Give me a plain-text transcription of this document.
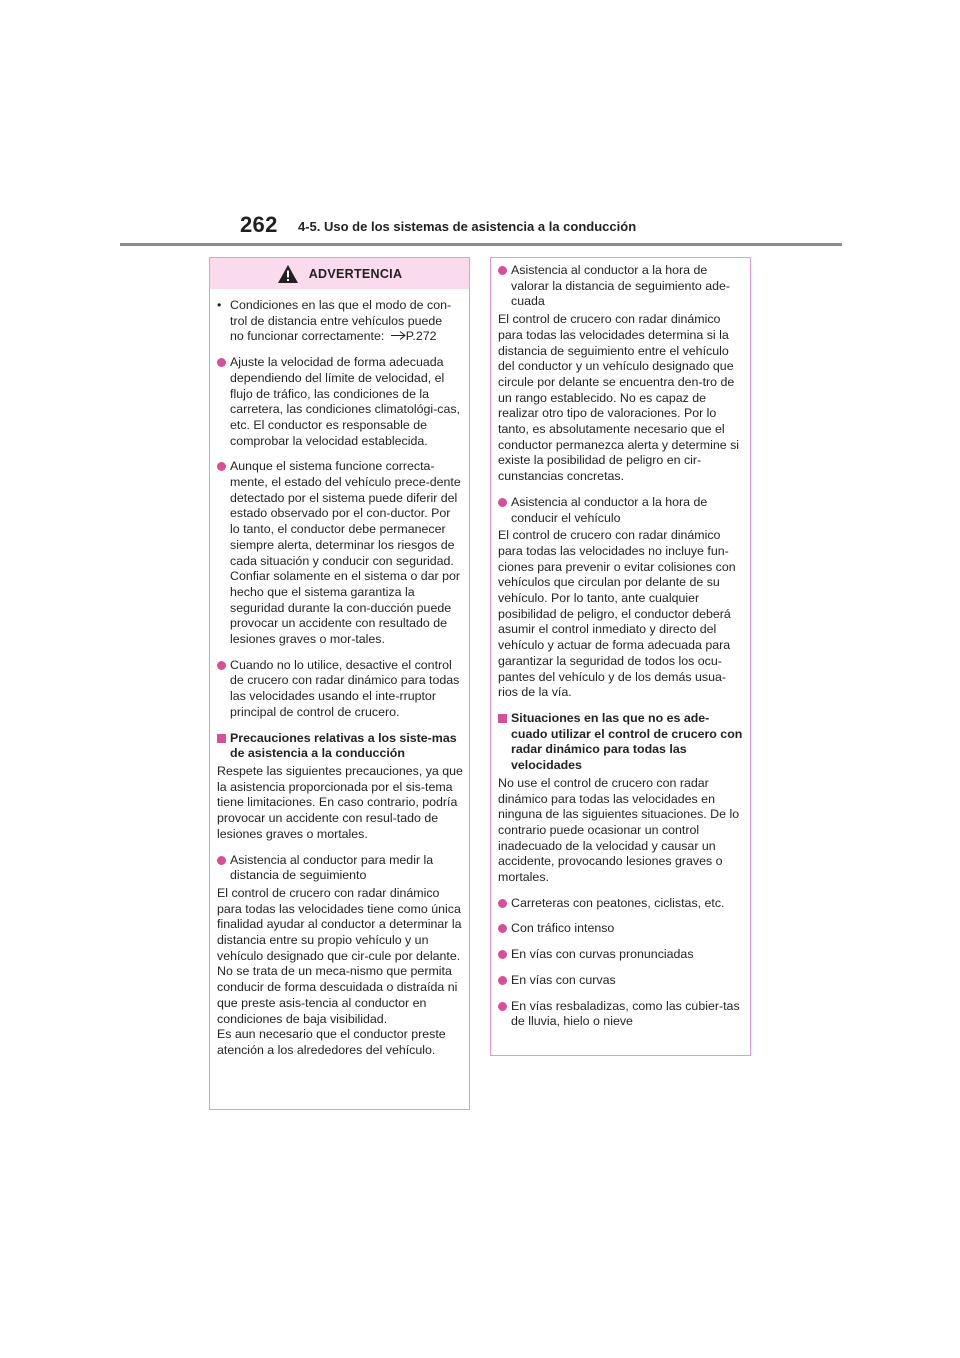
262 4-5. Uso de los sistemas de asistencia a la conducción
ADVERTENCIA
• Condiciones en las que el modo de con-
trol de distancia entre vehículos puede
no funcionar correctamente: P.272
Ajuste la velocidad de forma adecuada dependiendo del límite de velocidad, el flujo de tráfico, las condiciones de la carretera, las condiciones climatológi-cas, etc. El conductor es responsable de comprobar la velocidad establecida.
Aunque el sistema funcione correcta-mente, el estado del vehículo prece-dente detectado por el sistema puede diferir del estado observado por el con-ductor. Por lo tanto, el conductor debe permanecer siempre alerta, determinar los riesgos de cada situación y conducir con seguridad. Confiar solamente en el sistema o dar por hecho que el sistema garantiza la seguridad durante la con-ducción puede provocar un accidente con resultado de lesiones graves o mor-tales.
Cuando no lo utilice, desactive el control de crucero con radar dinámico para todas las velocidades usando el inte-rruptor principal de control de crucero.
Precauciones relativas a los siste-mas de asistencia a la conducción
Respete las siguientes precauciones, ya que la asistencia proporcionada por el sis-tema tiene limitaciones. En caso contrario, podría provocar un accidente con resul-tado de lesiones graves o mortales.
Asistencia al conductor para medir la distancia de seguimiento
El control de crucero con radar dinámico para todas las velocidades tiene como única finalidad ayudar al conductor a determinar la distancia entre su propio vehículo y un vehículo designado que cir-cule por delante. No se trata de un meca-nismo que permita conducir de forma descuidada o distraída ni que preste asis-tencia al conductor en condiciones de baja visibilidad.
Es aun necesario que el conductor preste atención a los alrededores del vehículo.
Asistencia al conductor a la hora de valorar la distancia de seguimiento ade-cuada
El control de crucero con radar dinámico para todas las velocidades determina si la distancia de seguimiento entre el vehículo del conductor y un vehículo designado que circule por delante se encuentra den-tro de un rango establecido. No es capaz de realizar otro tipo de valoraciones. Por lo tanto, es absolutamente necesario que el conductor permanezca alerta y determine si existe la posibilidad de peligro en cir-cunstancias concretas.
Asistencia al conductor a la hora de conducir el vehículo
El control de crucero con radar dinámico para todas las velocidades no incluye fun-ciones para prevenir o evitar colisiones con vehículos que circulan por delante de su vehículo. Por lo tanto, ante cualquier posibilidad de peligro, el conductor deberá asumir el control inmediato y directo del vehículo y actuar de forma adecuada para garantizar la seguridad de todos los ocu-pantes del vehículo y de los demás usua-rios de la vía.
Situaciones en las que no es ade-cuado utilizar el control de crucero con radar dinámico para todas las velocidades
No use el control de crucero con radar dinámico para todas las velocidades en ninguna de las siguientes situaciones. De lo contrario puede ocasionar un control inadecuado de la velocidad y causar un accidente, provocando lesiones graves o mortales.
Carreteras con peatones, ciclistas, etc.
Con tráfico intenso
En vías con curvas pronunciadas
En vías con curvas
En vías resbaladizas, como las cubier-tas de lluvia, hielo o nieve
